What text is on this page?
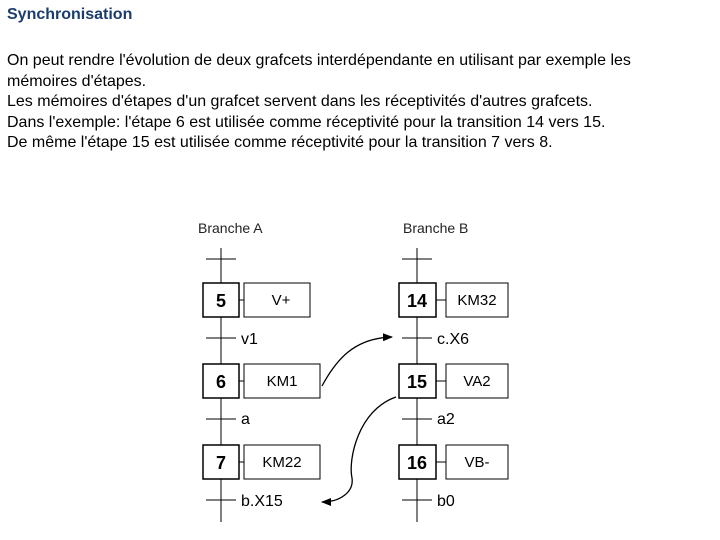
Synchronisation
On peut rendre l'évolution de deux grafcets interdépendante en utilisant par exemple les
mémoires d'étapes.
Les mémoires d'étapes d'un grafcet servent dans les réceptivités d'autres grafcets.
Dans l'exemple: l'étape 6 est utilisée comme réceptivité pour la transition 14 vers 15.
De même l'étape 15 est utilisée comme réceptivité pour la transition 7 vers 8.
Branche A	Branche B
5	V+
v1
6	KM1
a
7 KM22
b.X15
14 KM32
c.X6
15 VA2
a2
16 VB-
b0
